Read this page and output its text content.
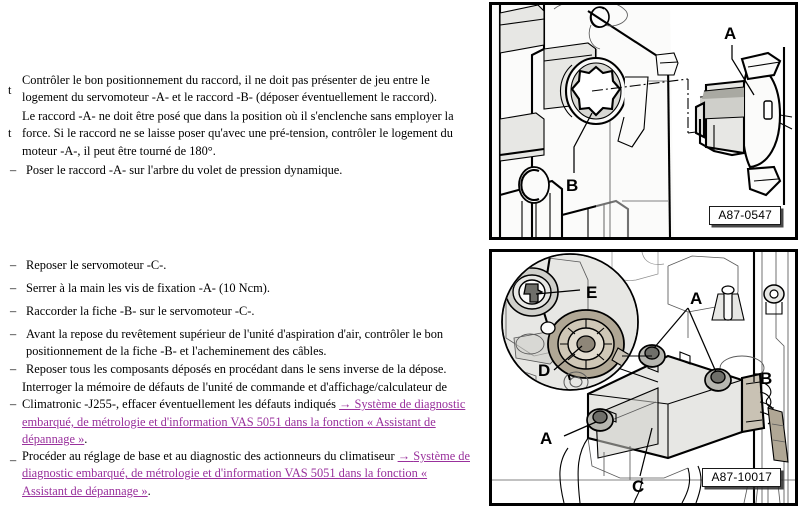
t
Contrôler le bon positionnement du raccord, il ne doit pas présenter de jeu entre le logement du servomoteur -A- et le raccord -B- (déposer éventuellement le raccord).
t
Le raccord -A- ne doit être posé que dans la position où il s'enclenche sans employer la force. Si le raccord ne se laisse poser qu'avec une pré-tension, contrôler le logement du moteur -A-, il peut être tourné de 180°.
– Poser le raccord -A- sur l'arbre du volet de pression dynamique.
– Reposer le servomoteur -C-.
– Serrer à la main les vis de fixation -A- (10 Ncm).
– Raccorder la fiche -B- sur le servomoteur -C-.
– Avant la repose du revêtement supérieur de l'unité d'aspiration d'air, contrôler le bon positionnement de la fiche -B- et l'acheminement des câbles.
– Reposer tous les composants déposés en procédant dans le sens inverse de la dépose.
–
Interroger la mémoire de défauts de l'unité de commande et d'affichage/calculateur de Climatronic -J255-, effacer éventuellement les défauts indiqués → Système de diagnostic embarqué, de métrologie et d'information VAS 5051 dans la fonction « Assistant de dépannage ».
– Procéder au réglage de base et au diagnostic des actionneurs du climatiseur → Système de diagnostic embarqué, de métrologie et d'information VAS 5051 dans la fonction « Assistant de dépannage ».
A
B
A87-0547
E
D
A
A
B
C	A87-10017
